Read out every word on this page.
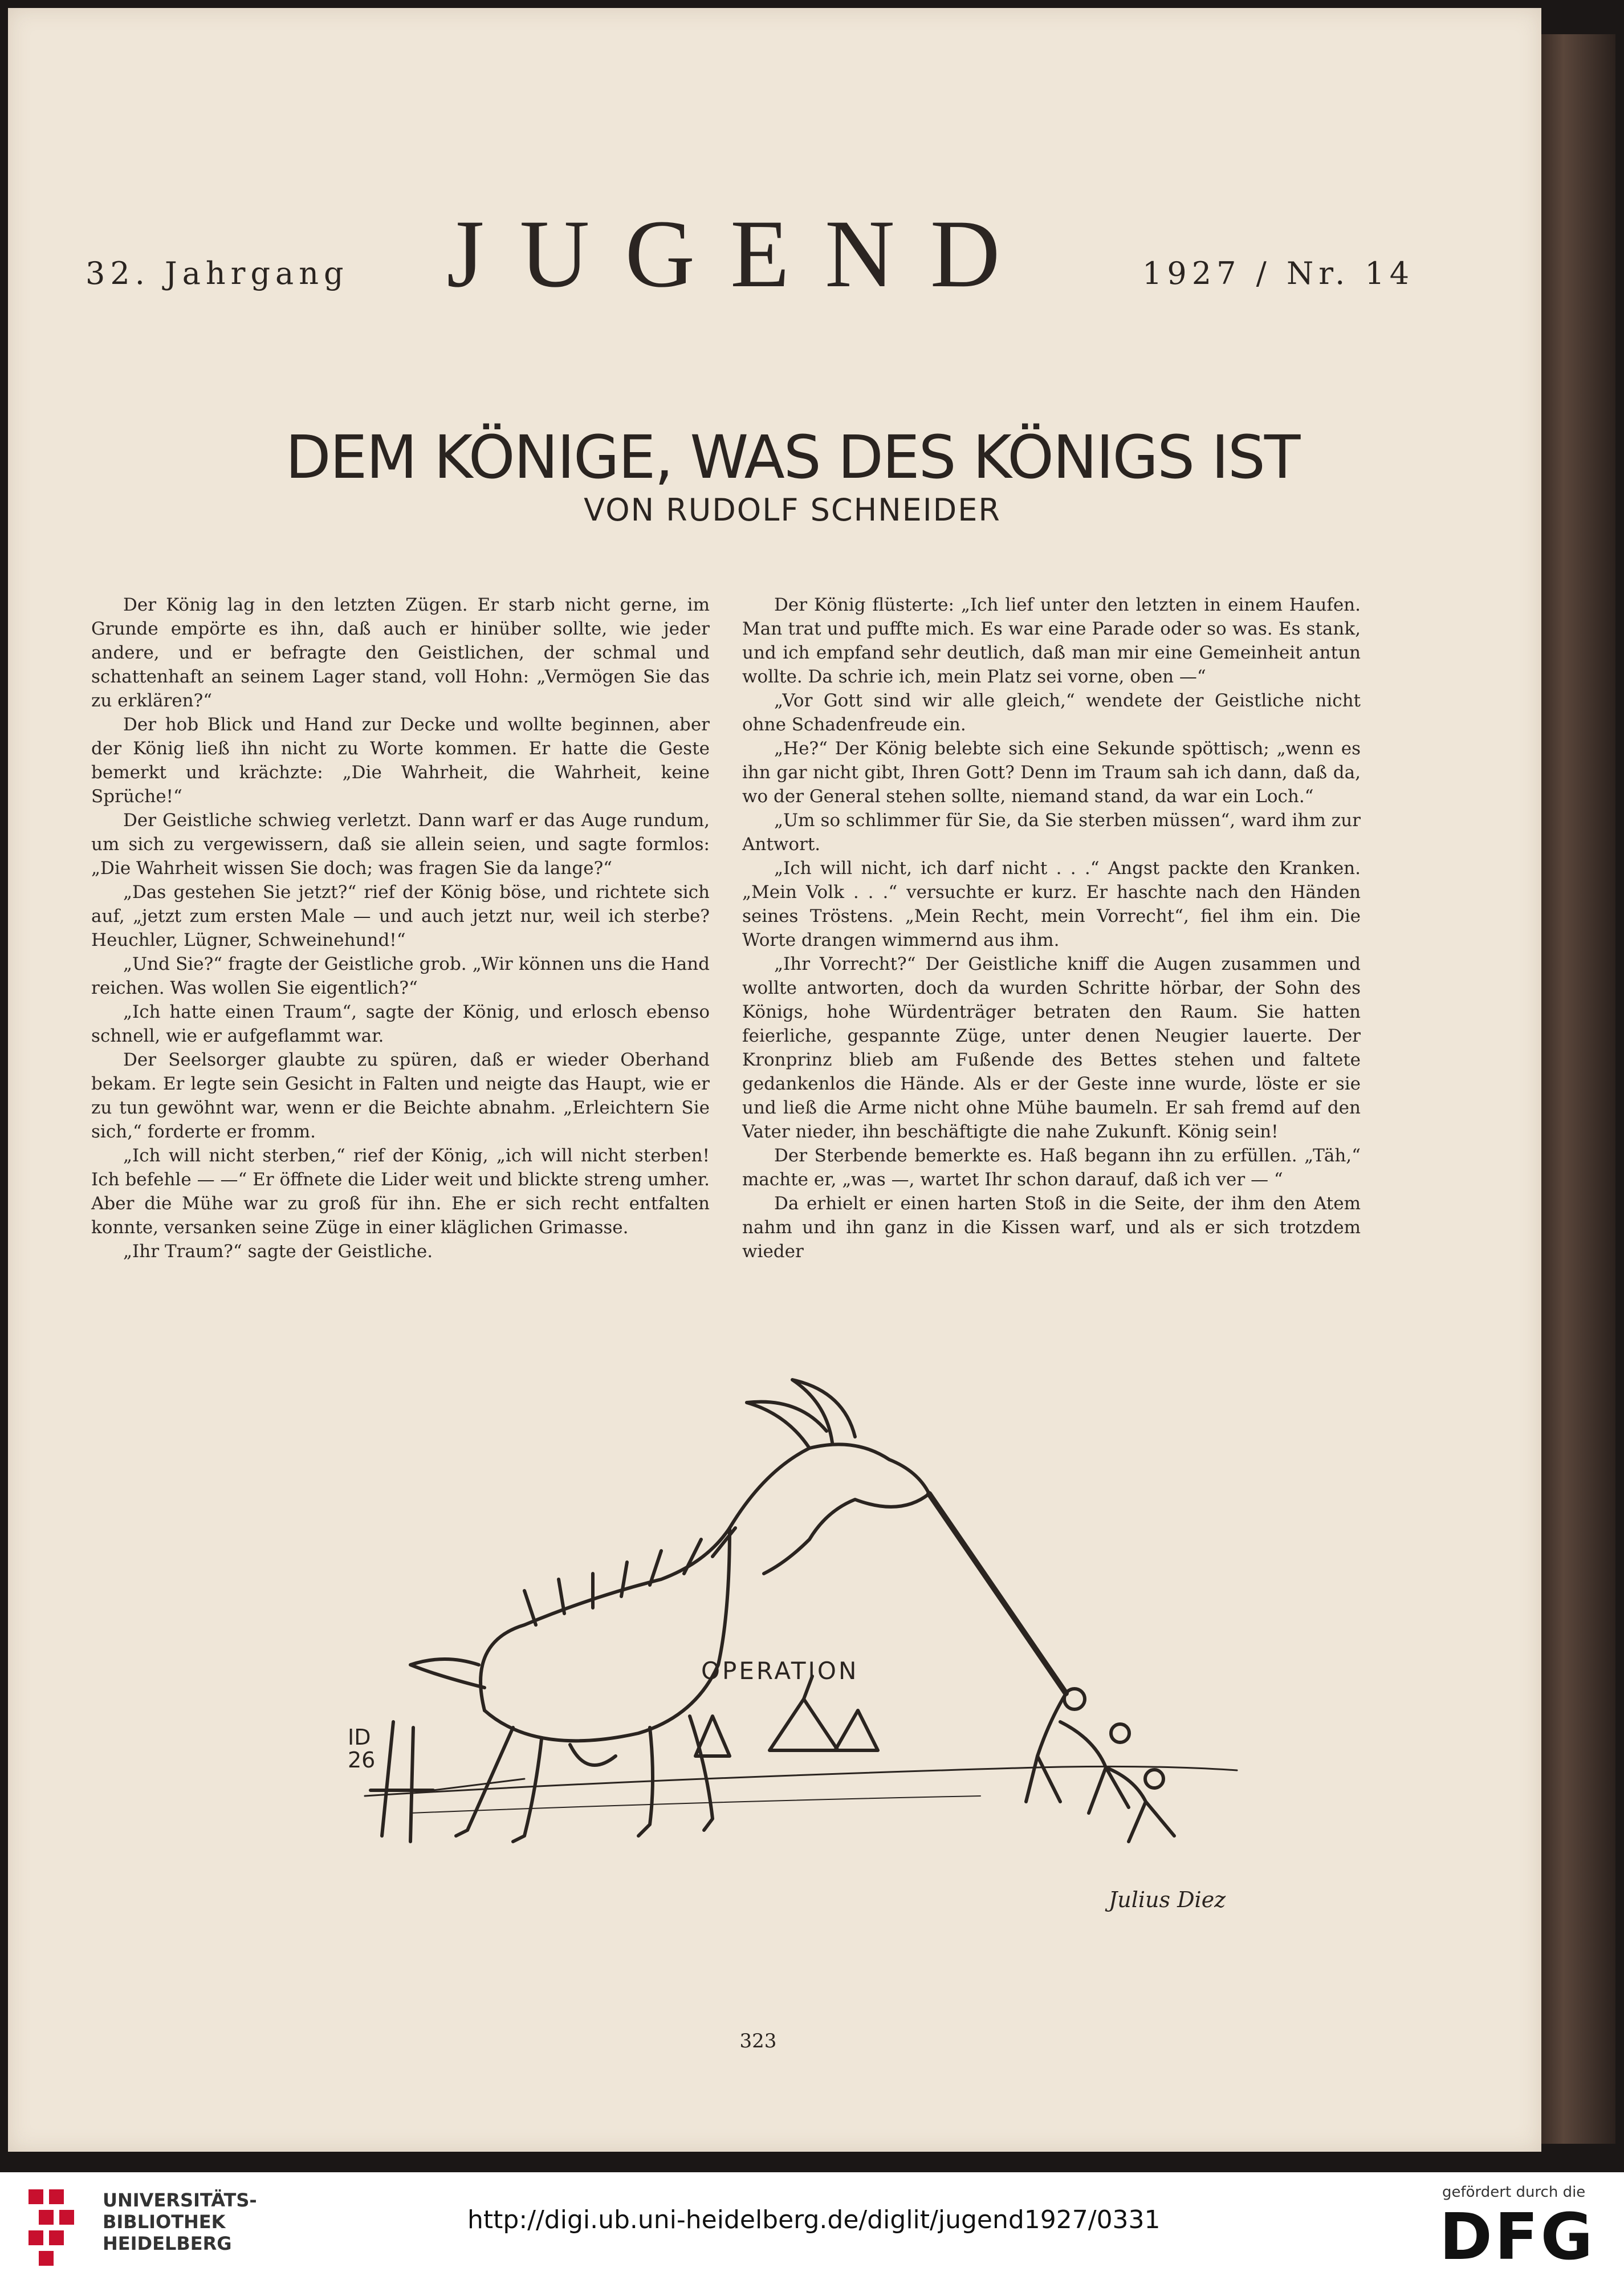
32. Jahrgang JUGEND	1927 / Nr. 14
DEM KÖNIGE, WAS DES KÖNIGS IST
VON RUDOLF SCHNEIDER

Der König lag in den letzten Zügen. Er starb nicht gerne, im Grunde empörte es ihn, daß auch er hinüber sollte, wie jeder andere, und er befragte den Geistlichen, der schmal und schattenhaft an seinem Lager stand, voll Hohn: „Vermögen Sie das zu erklären?“

Der hob Blick und Hand zur Decke und wollte beginnen, aber der König ließ ihn nicht zu Worte kommen. Er hatte die Geste bemerkt und krächzte: „Die Wahrheit, die Wahrheit, keine Sprüche!“

Der Geistliche schwieg verletzt. Dann warf er das Auge rundum, um sich zu vergewissern, daß sie allein seien, und sagte formlos: „Die Wahrheit wissen Sie doch; was fragen Sie da lange?“

„Das gestehen Sie jetzt?“ rief der König böse, und richtete sich auf, „jetzt zum ersten Male — und auch jetzt nur, weil ich sterbe? Heuchler, Lügner, Schweinehund!“

„Und Sie?“ fragte der Geistliche grob. „Wir können uns die Hand reichen. Was wollen Sie eigentlich?“

„Ich hatte einen Traum“, sagte der König, und erlosch ebenso schnell, wie er aufgeflammt war.

Der Seelsorger glaubte zu spüren, daß er wieder Oberhand bekam. Er legte sein Gesicht in Falten und neigte das Haupt, wie er zu tun gewöhnt war, wenn er die Beichte abnahm. „Erleichtern Sie sich,“ forderte er fromm.

„Ich will nicht sterben,“ rief der König, „ich will nicht sterben! Ich befehle — —“ Er öffnete die Lider weit und blickte streng umher. Aber die Mühe war zu groß für ihn. Ehe er sich recht entfalten konnte, versanken seine Züge in einer kläglichen Grimasse.

„Ihr Traum?“ sagte der Geistliche.

Der König flüsterte: „Ich lief unter den letzten in einem Haufen. Man trat und puffte mich. Es war eine Parade oder so was. Es stank, und ich empfand sehr deutlich, daß man mir eine Gemeinheit antun wollte. Da schrie ich, mein Platz sei vorne, oben —“

„Vor Gott sind wir alle gleich,“ wendete der Geistliche nicht ohne Schadenfreude ein.

„He?“ Der König belebte sich eine Sekunde spöttisch; „wenn es ihn gar nicht gibt, Ihren Gott? Denn im Traum sah ich dann, daß da, wo der General stehen sollte, niemand stand, da war ein Loch.“

„Um so schlimmer für Sie, da Sie sterben müssen“, ward ihm zur Antwort.

„Ich will nicht, ich darf nicht . . .“ Angst packte den Kranken. „Mein Volk . . .“ versuchte er kurz. Er haschte nach den Händen seines Tröstens. „Mein Recht, mein Vorrecht“, fiel ihm ein. Die Worte drangen wimmernd aus ihm.

„Ihr Vorrecht?“ Der Geistliche kniff die Augen zusammen und wollte antworten, doch da wurden Schritte hörbar, der Sohn des Königs, hohe Würdenträger betraten den Raum. Sie hatten feierliche, gespannte Züge, unter denen Neugier lauerte. Der Kronprinz blieb am Fußende des Bettes stehen und faltete gedankenlos die Hände. Als er der Geste inne wurde, löste er sie und ließ die Arme nicht ohne Mühe baumeln. Er sah fremd auf den Vater nieder, ihn beschäftigte die nahe Zukunft. König sein!

Der Sterbende bemerkte es. Haß begann ihn zu erfüllen. „Täh,“ machte er, „was —, wartet Ihr schon darauf, daß ich ver — “

Da erhielt er einen harten Stoß in die Seite, der ihm den Atem nahm und ihn ganz in die Kissen warf, und als er sich trotzdem wieder

OPERATION
ID
26
Julius Diez
323
UNIVERSITÄTS-
BIBLIOTHEK
HEIDELBERG
http://digi.ub.uni-heidelberg.de/diglit/jugend1927/0331
gefördert durch die
DFG
